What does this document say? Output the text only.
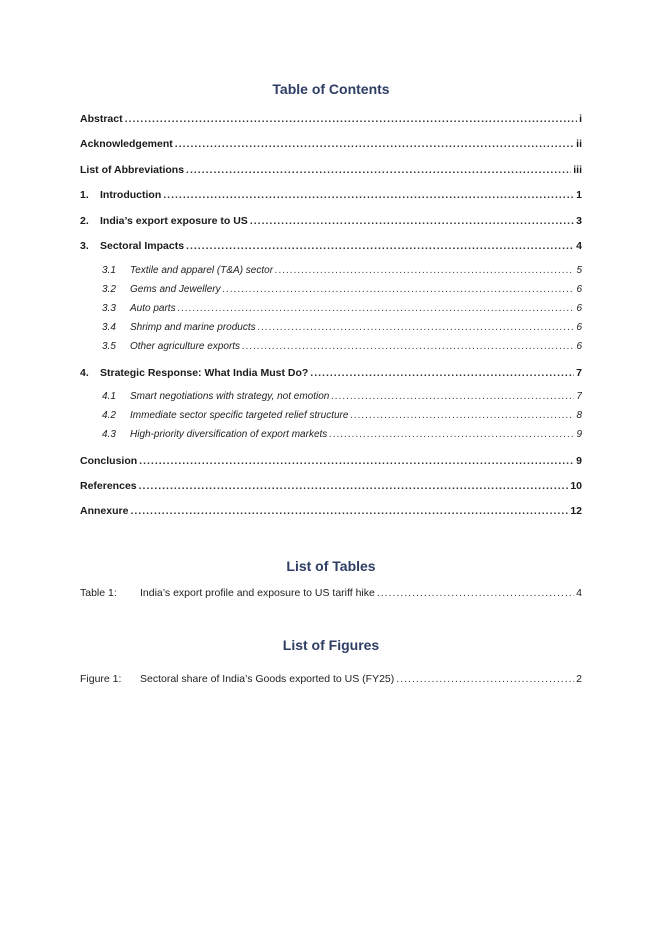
Table of Contents
Abstract .....	i
Acknowledgement .....	ii
List of Abbreviations .....	iii
1.	Introduction .....	1
2.	India’s export exposure to US .....	3
3.	Sectoral Impacts .....	4
3.1	Textile and apparel (T&A) sector .....	5
3.2	Gems and Jewellery .....	6
3.3	Auto parts .....	6
3.4	Shrimp and marine products .....	6
3.5	Other agriculture exports .....	6
4.	Strategic Response: What India Must Do? .....	7
4.1	Smart negotiations with strategy, not emotion .....	7
4.2	Immediate sector specific targeted relief structure .....	8
4.3	High-priority diversification of export markets .....	9
Conclusion .....	9
References .....	10
Annexure .....	12
List of Tables
Table 1:	India’s export profile and exposure to US tariff hike .....	4
List of Figures
Figure 1:	Sectoral share of India’s Goods exported to US (FY25) .....	2
